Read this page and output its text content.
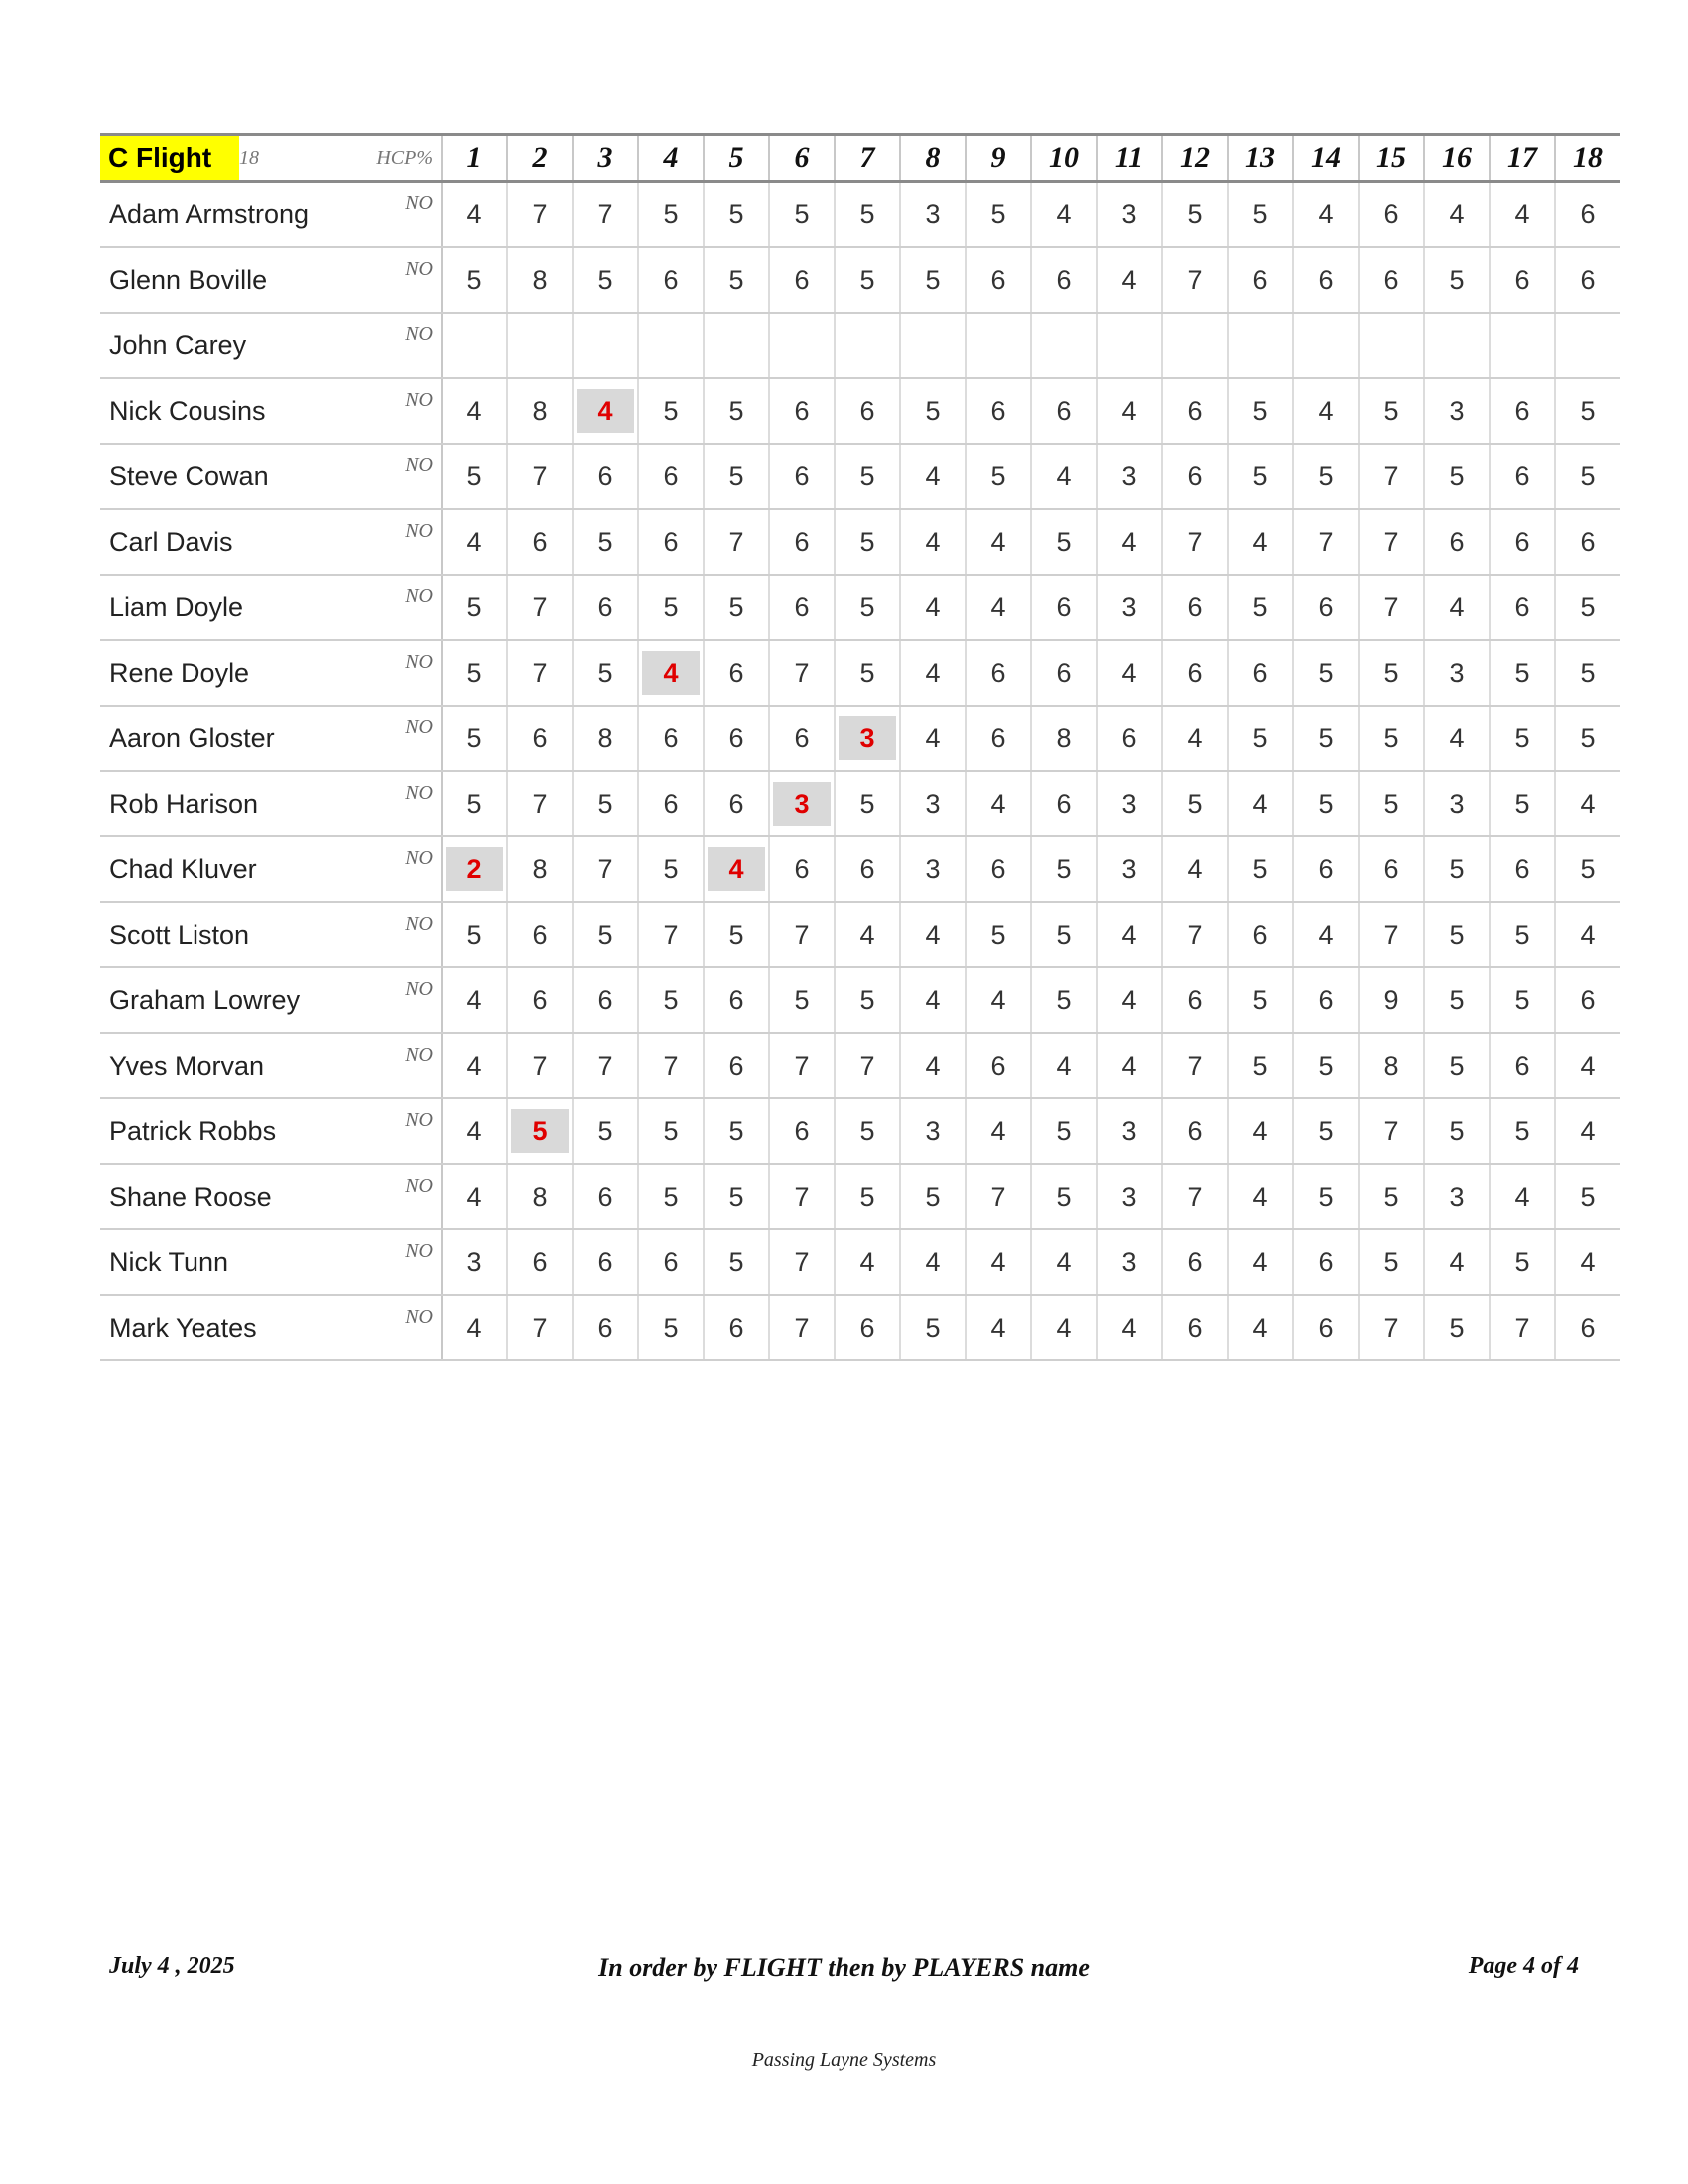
C Flight	18	HCP%	1	2	3	4	5	6	7	8	9	10	11	12	13	14	15	16	17	18
Adam Armstrong		NO	4	7	7	5	5	5	5	3	5	4	3	5	5	4	6	4	4	6
Glenn Boville		NO	5	8	5	6	5	6	5	5	6	6	4	7	6	6	6	5	6	6
John Carey		NO																		
Nick Cousins		NO	4	8	4	5	5	6	6	5	6	6	4	6	5	4	5	3	6	5
Steve Cowan		NO	5	7	6	6	5	6	5	4	5	4	3	6	5	5	7	5	6	5
Carl Davis		NO	4	6	5	6	7	6	5	4	4	5	4	7	4	7	7	6	6	6
Liam Doyle		NO	5	7	6	5	5	6	5	4	4	6	3	6	5	6	7	4	6	5
Rene Doyle		NO	5	7	5	4	6	7	5	4	6	6	4	6	6	5	5	3	5	5
Aaron Gloster		NO	5	6	8	6	6	6	3	4	6	8	6	4	5	5	5	4	5	5
Rob Harison		NO	5	7	5	6	6	3	5	3	4	6	3	5	4	5	5	3	5	4
Chad Kluver		NO	2	8	7	5	4	6	6	3	6	5	3	4	5	6	6	5	6	5
Scott Liston		NO	5	6	5	7	5	7	4	4	5	5	4	7	6	4	7	5	5	4
Graham Lowrey		NO	4	6	6	5	6	5	5	4	4	5	4	6	5	6	9	5	5	6
Yves Morvan		NO	4	7	7	7	6	7	7	4	6	4	4	7	5	5	8	5	6	4
Patrick Robbs		NO	4	5	5	5	5	6	5	3	4	5	3	6	4	5	7	5	5	4
Shane Roose		NO	4	8	6	5	5	7	5	5	7	5	3	7	4	5	5	3	4	5
Nick Tunn		NO	3	6	6	6	5	7	4	4	4	4	3	6	4	6	5	4	5	4
Mark Yeates		NO	4	7	6	5	6	7	6	5	4	4	4	6	4	6	7	5	7	6
July 4 , 2025	In order by FLIGHT then by PLAYERS name	Page 4 of 4
Passing Layne Systems
